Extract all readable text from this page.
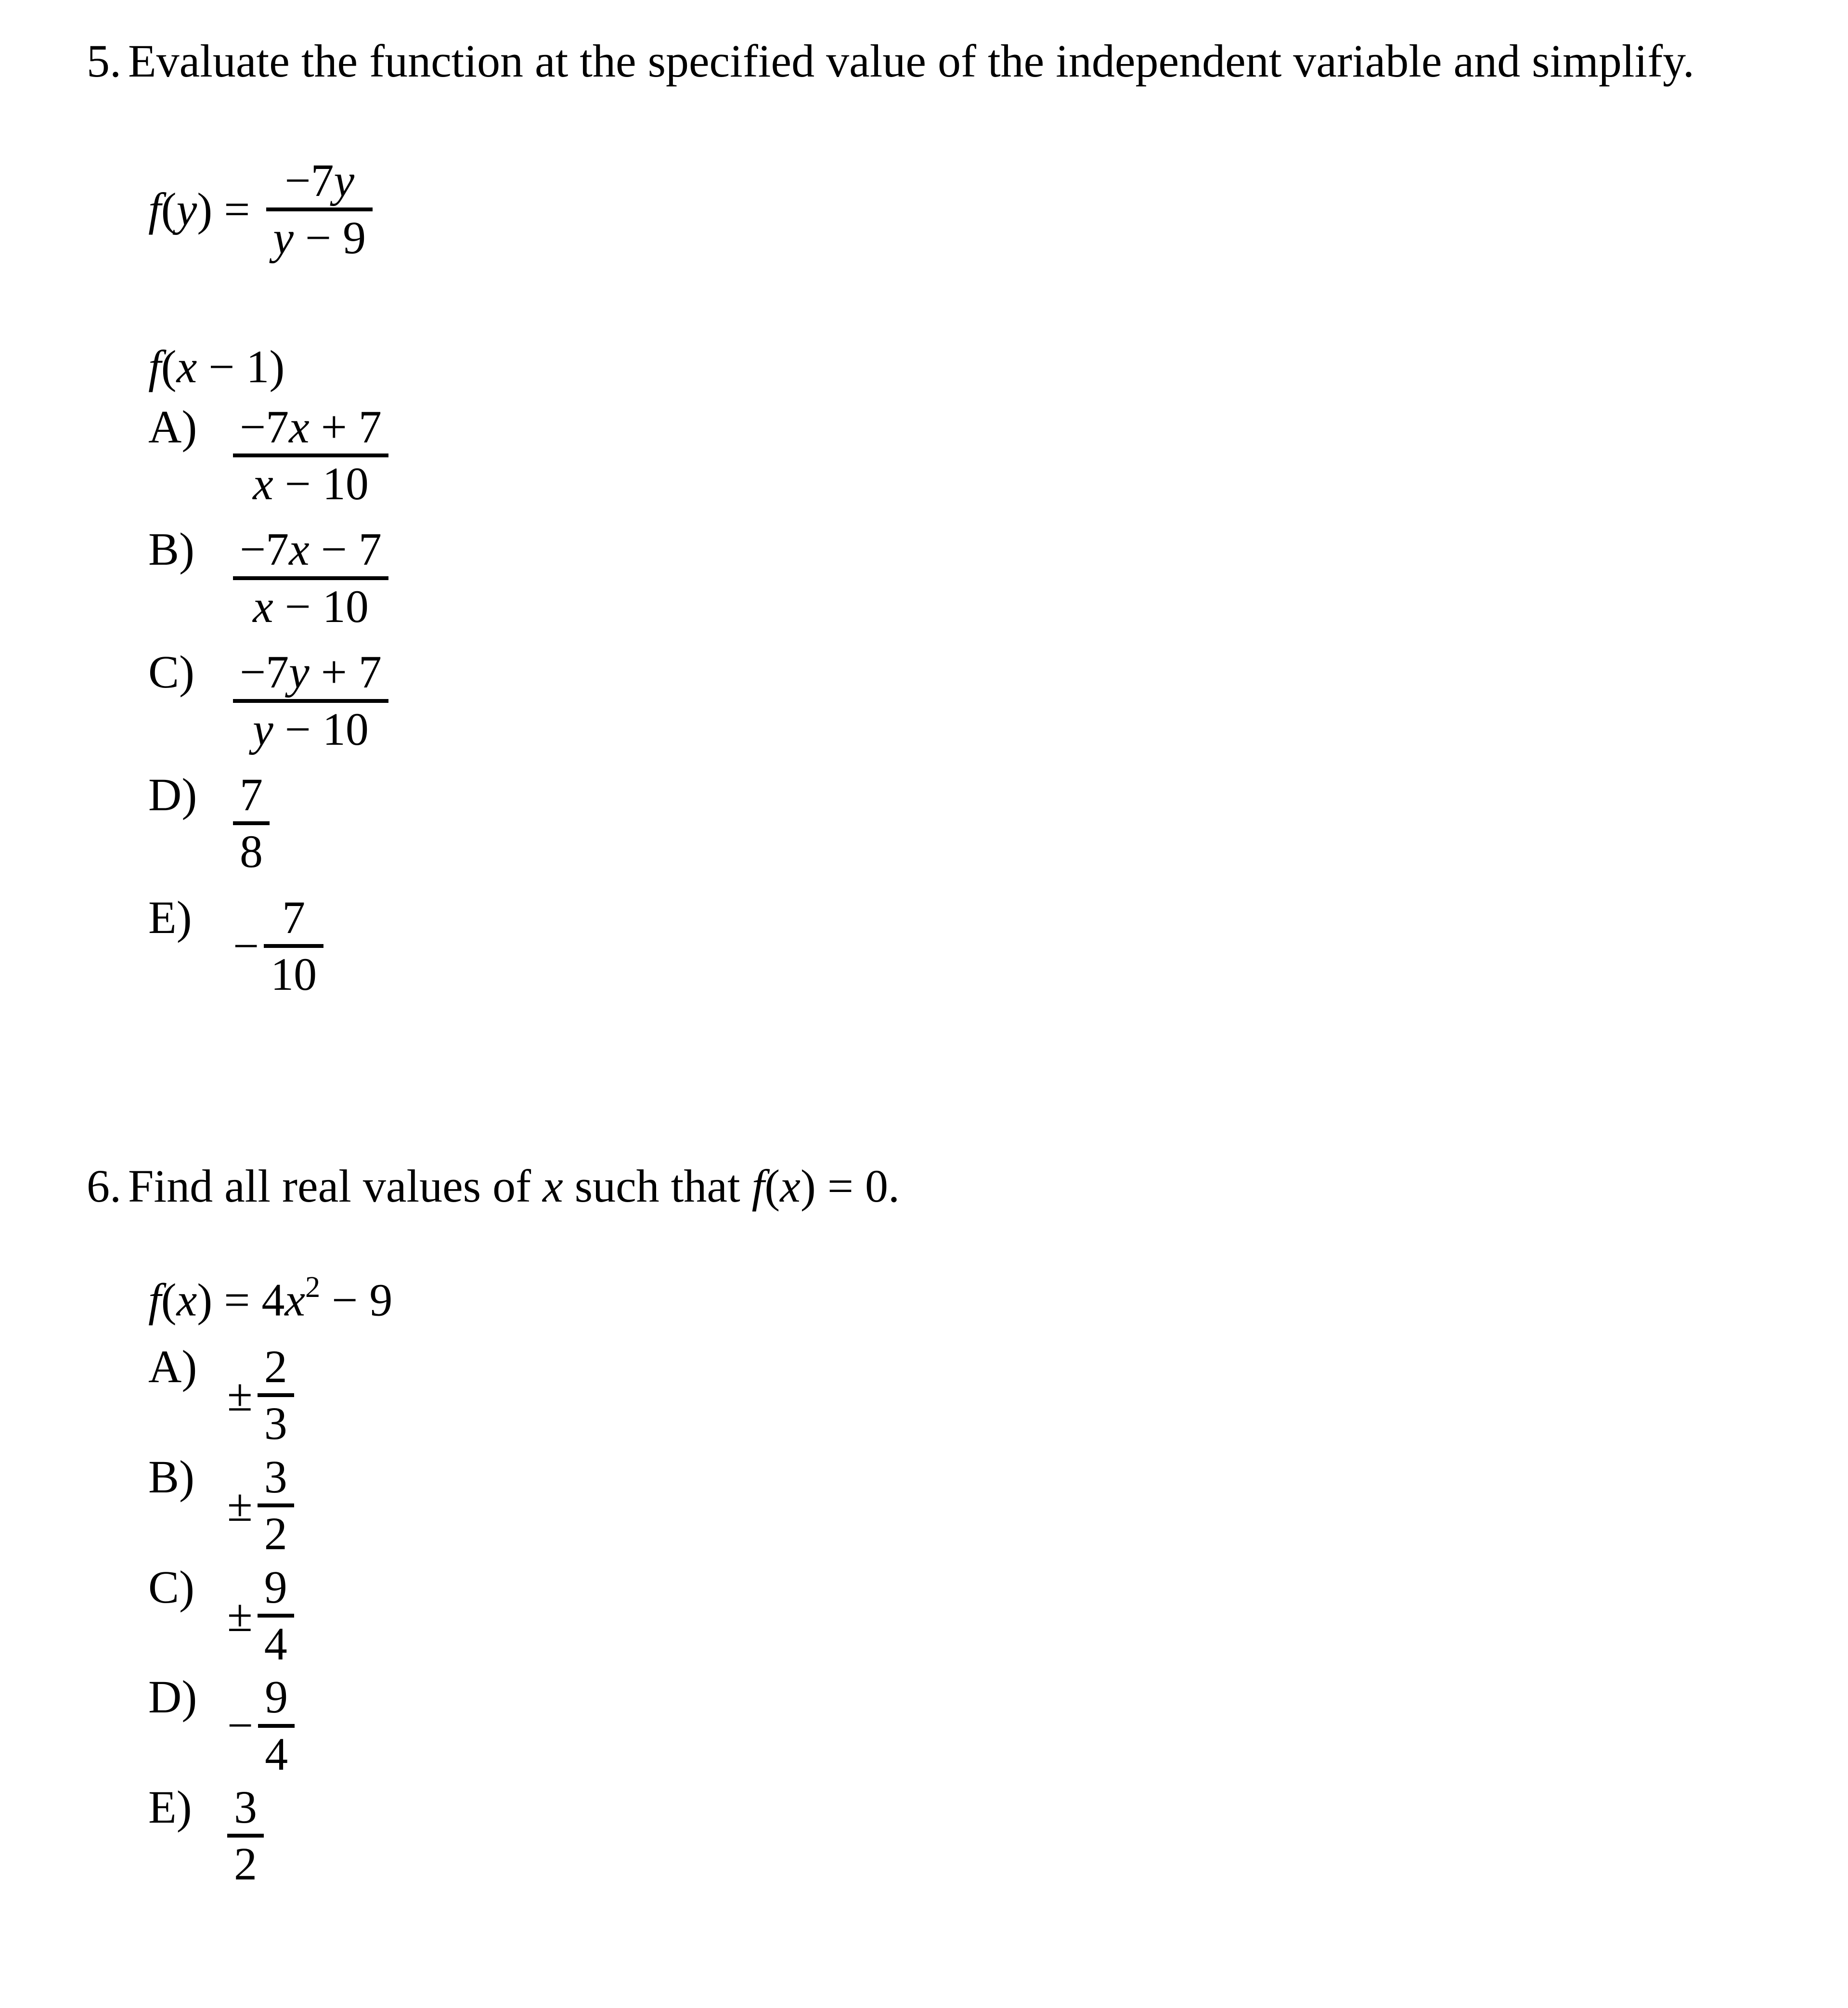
5. Evaluate the function at the specified value of the independent variable and simplify.
$f(y) = \frac{-7y}{y - 9}$
f(x − 1)
$A) \frac{-7x + 7}{x - 10}$
$B) \frac{-7x - 7}{x - 10}$
$C) \frac{-7y + 7}{y - 10}$
$D) \frac{7}{8}$
E)
− $\frac{7}{10}$
6. Find all real values of x such that f(x) = 0.
$f(x) = 4x^2 - 9$
A)
± $\frac{2}{3}$
B)
± $\frac{3}{2}$
C)
± $\frac{9}{4}$
D)
− $\frac{9}{4}$
$E) \frac{3}{2}$
